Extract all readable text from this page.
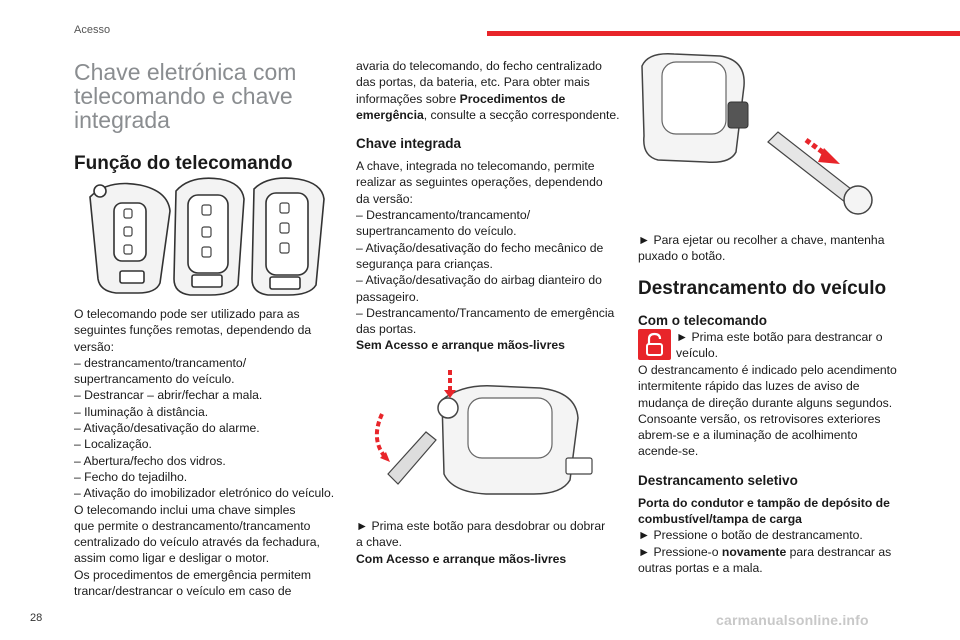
Acesso
Chave eletrónica com telecomando e chave integrada
Função do telecomando

O telecomando pode ser utilizado para as

seguintes funções remotas, dependendo da

versão:

– destrancamento/trancamento/

supertrancamento do veículo.

– Destrancar – abrir/fechar a mala.

– Iluminação à distância.

– Ativação/desativação do alarme.

– Localização.

– Abertura/fecho dos vidros.

– Fecho do tejadilho.

– Ativação do imobilizador eletrónico do veículo.

O telecomando inclui uma chave simples

que permite o destrancamento/trancamento

centralizado do veículo através da fechadura,

assim como ligar e desligar o motor.

Os procedimentos de emergência permitem

trancar/destrancar o veículo em caso de

avaria do telecomando, do fecho centralizado

das portas, da bateria, etc. Para obter mais

informações sobre Procedimentos de

emergência, consulte a secção correspondente.

Chave integrada

A chave, integrada no telecomando, permite

realizar as seguintes operações, dependendo

da versão:

– Destrancamento/trancamento/

supertrancamento do veículo.

– Ativação/desativação do fecho mecânico de

segurança para crianças.

– Ativação/desativação do airbag dianteiro do

passageiro.

– Destrancamento/Trancamento de emergência

das portas.

Sem Acesso e arranque mãos-livres

► Prima este botão para desdobrar ou dobrar

a chave.

Com Acesso e arranque mãos-livres

► Para ejetar ou recolher a chave, mantenha

puxado o botão.

Destrancamento do veículo
Com o telecomando

► Prima este botão para destrancar o

veículo.

O destrancamento é indicado pelo acendimento

intermitente rápido das luzes de aviso de

mudança de direção durante alguns segundos.

Consoante versão, os retrovisores exteriores

abrem-se e a iluminação de acolhimento

acende-se.

Destrancamento seletivo

Porta do condutor e tampão de depósito de

combustível/tampa de carga

► Pressione o botão de destrancamento.

► Pressione-o novamente para destrancar as

outras portas e a mala.

28	carmanualsonline.info
